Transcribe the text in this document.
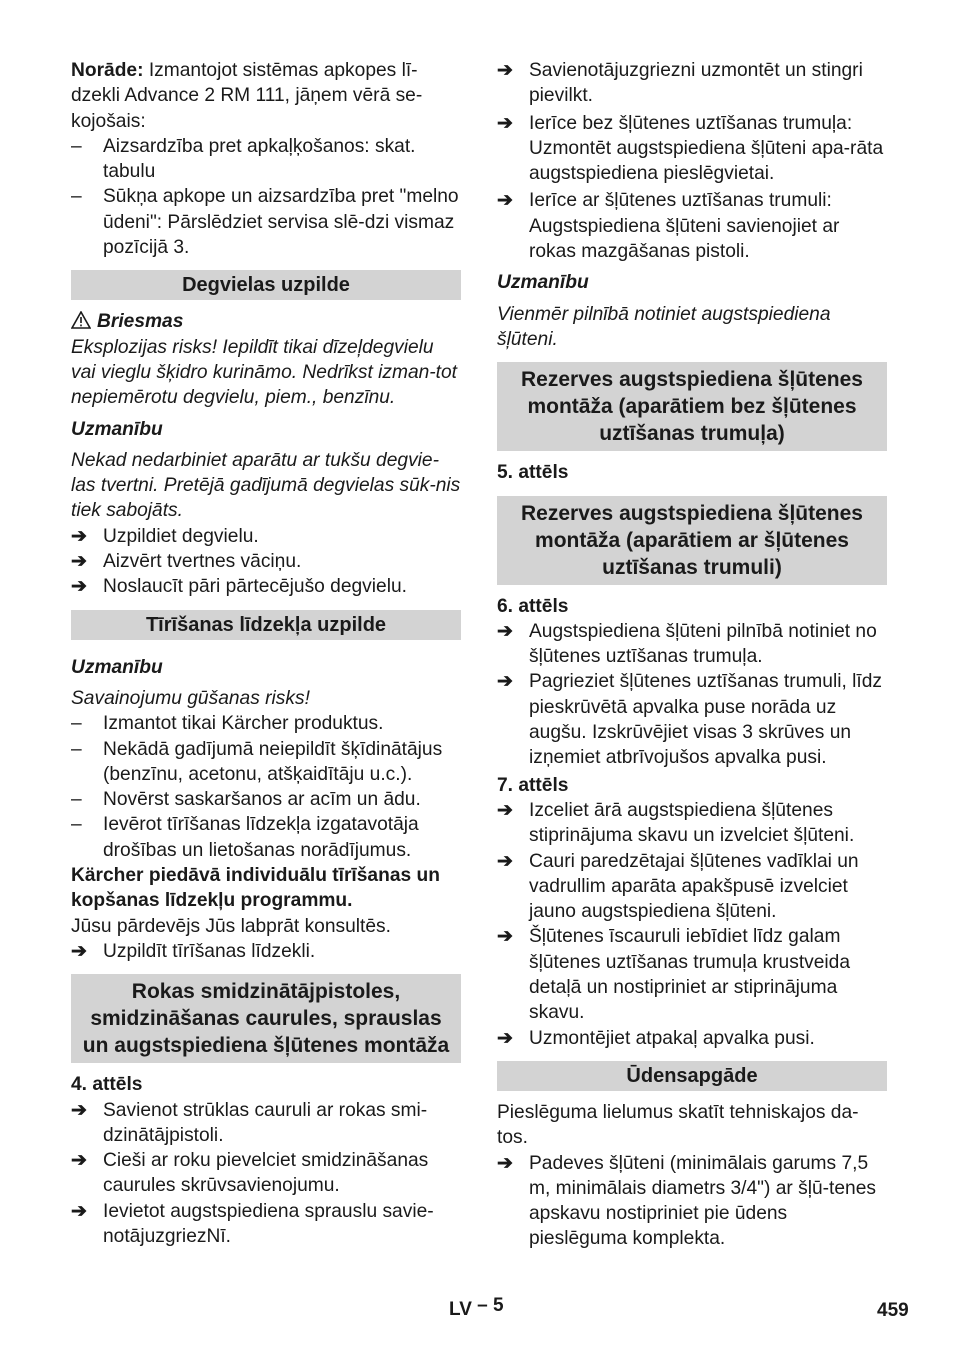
Norāde: Izmantojot sistēmas apkopes lī-dzekli Advance 2 RM 111, jāņem vērā se-kojošais:

– Aizsardzība pret apkaļķošanos: skat. tabulu

– Sūkņa apkope un aizsardzība pret "melno ūdeni": Pārslēdziet servisa slē-dzi vismaz pozīcijā 3.

Degvielas uzpilde

Briesmas

Eksplozijas risks! Iepildīt tikai dīzeļdegvielu vai vieglu šķidro kurināmo. Nedrīkst izman-tot nepiemērotu degvielu, piem., benzīnu.

Uzmanību

Nekad nedarbiniet aparātu ar tukšu degvie-las tvertni. Pretējā gadījumā degvielas sūk-nis tiek sabojāts.

➔ Uzpildiet degvielu.

➔ Aizvērt tvertnes vāciņu.

➔ Noslaucīt pāri pārtecējušo degvielu.

Tīrīšanas līdzekļa uzpilde

Uzmanību

Savainojumu gūšanas risks!

– Izmantot tikai Kärcher produktus.

– Nekādā gadījumā neiepildīt šķīdinātājus (benzīnu, acetonu, atšķaidītāju u.c.).

– Novērst saskaršanos ar acīm un ādu.

– Ievērot tīrīšanas līdzekļa izgatavotāja drošības un lietošanas norādījumus.

Kärcher piedāvā individuālu tīrīšanas un kopšanas līdzekļu programmu.

Jūsu pārdevējs Jūs labprāt konsultēs.

➔ Uzpildīt tīrīšanas līdzekli.

Rokas smidzinātājpistoles, smidzināšanas caurules, sprauslas un augstspiediena šļūtenes montāža

4. attēls

➔ Savienot strūklas cauruli ar rokas smi-dzinātājpistoli.

➔ Cieši ar roku pievelciet smidzināšanas caurules skrūvsavienojumu.

➔ Ievietot augstspiediena sprauslu savie-notājuzgriezNī.

➔ Savienotājuzgriezni uzmontēt un stingri pievilkt.

➔ Ierīce bez šļūtenes uztīšanas trumuļa: Uzmontēt augstspiediena šļūteni apa-rāta augstspiediena pieslēgvietai.

➔ Ierīce ar šļūtenes uztīšanas trumuli: Augstspiediena šļūteni savienojiet ar rokas mazgāšanas pistoli.

Uzmanību

Vienmēr pilnībā notiniet augstspiediena šļūteni.

Rezerves augstspiediena šļūtenes montāža (aparātiem bez šļūtenes uztīšanas trumuļa)

5. attēls

Rezerves augstspiediena šļūtenes montāža (aparātiem ar šļūtenes uztīšanas trumuli)

6. attēls

➔ Augstspiediena šļūteni pilnībā notiniet no šļūtenes uztīšanas trumuļa.

➔ Pagrieziet šļūtenes uztīšanas trumuli, līdz pieskrūvētā apvalka puse norāda uz augšu. Izskrūvējiet visas 3 skrūves un izņemiet atbrīvojušos apvalka pusi.

7. attēls

➔ Izceliet ārā augstspiediena šļūtenes stiprinājuma skavu un izvelciet šļūteni.

➔ Cauri paredzētajai šļūtenes vadīklai un vadrullim aparāta apakšpusē izvelciet jauno augstspiediena šļūteni.

➔ Šļūtenes īscauruli iebīdiet līdz galam šļūtenes uztīšanas trumuļa krustveida detaļā un nostipriniet ar stiprinājuma skavu.

➔ Uzmontējiet atpakaļ apvalka pusi.

Ūdensapgāde

Pieslēguma lielumus skatīt tehniskajos da-tos.

➔ Padeves šļūteni (minimālais garums 7,5 m, minimālais diametrs 3/4") ar šļū-tenes apskavu nostipriniet pie ūdens pieslēguma komplekta.

LV – 5	459
